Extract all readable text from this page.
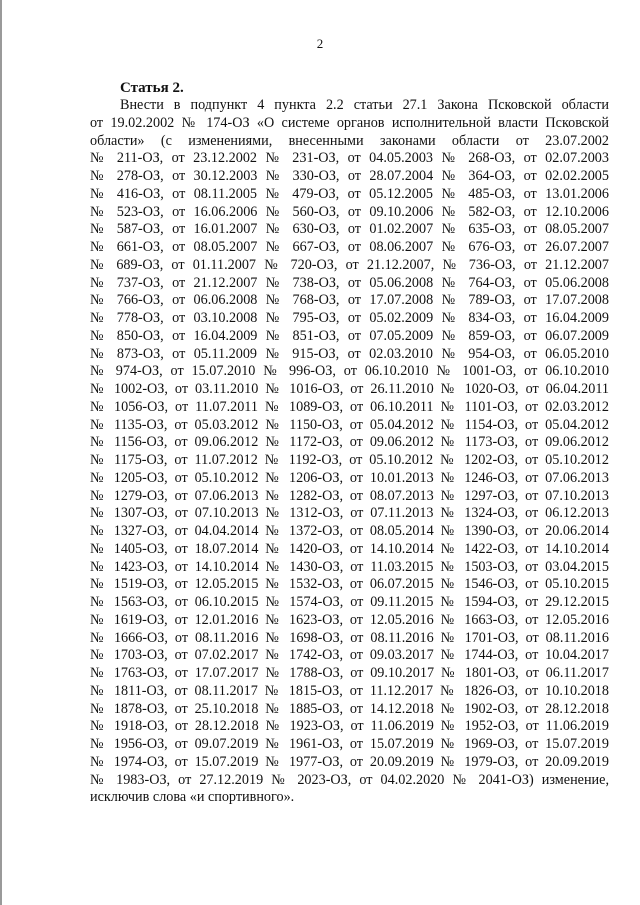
2
Статья 2.
Внести в подпункт 4 пункта 2.2 статьи 27.1 Закона Псковской области
от 19.02.2002 № 174-ОЗ «О системе органов исполнительной власти Псковской
области» (с изменениями, внесенными законами области от 23.07.2002
№ 211-ОЗ, от 23.12.2002 № 231-ОЗ, от 04.05.2003 № 268-ОЗ, от 02.07.2003
№ 278-ОЗ, от 30.12.2003 № 330-ОЗ, от 28.07.2004 № 364-ОЗ, от 02.02.2005
№ 416-ОЗ, от 08.11.2005 № 479-ОЗ, от 05.12.2005 № 485-ОЗ, от 13.01.2006
№ 523-ОЗ, от 16.06.2006 № 560-ОЗ, от 09.10.2006 № 582-ОЗ, от 12.10.2006
№ 587-ОЗ, от 16.01.2007 № 630-ОЗ, от 01.02.2007 № 635-ОЗ, от 08.05.2007
№ 661-ОЗ, от 08.05.2007 № 667-ОЗ, от 08.06.2007 № 676-ОЗ, от 26.07.2007
№ 689-ОЗ, от 01.11.2007 № 720-ОЗ, от 21.12.2007, № 736-ОЗ, от 21.12.2007
№ 737-ОЗ, от 21.12.2007 № 738-ОЗ, от 05.06.2008 № 764-ОЗ, от 05.06.2008
№ 766-ОЗ, от 06.06.2008 № 768-ОЗ, от 17.07.2008 № 789-ОЗ, от 17.07.2008
№ 778-ОЗ, от 03.10.2008 № 795-ОЗ, от 05.02.2009 № 834-ОЗ, от 16.04.2009
№ 850-ОЗ, от 16.04.2009 № 851-ОЗ, от 07.05.2009 № 859-ОЗ, от 06.07.2009
№ 873-ОЗ, от 05.11.2009 № 915-ОЗ, от 02.03.2010 № 954-ОЗ, от 06.05.2010
№ 974-ОЗ, от 15.07.2010 № 996-ОЗ, от 06.10.2010 № 1001-ОЗ, от 06.10.2010
№ 1002-ОЗ, от 03.11.2010 № 1016-ОЗ, от 26.11.2010 № 1020-ОЗ, от 06.04.2011
№ 1056-ОЗ, от 11.07.2011 № 1089-ОЗ, от 06.10.2011 № 1101-ОЗ, от 02.03.2012
№ 1135-ОЗ, от 05.03.2012 № 1150-ОЗ, от 05.04.2012 № 1154-ОЗ, от 05.04.2012
№ 1156-ОЗ, от 09.06.2012 № 1172-ОЗ, от 09.06.2012 № 1173-ОЗ, от 09.06.2012
№ 1175-ОЗ, от 11.07.2012 № 1192-ОЗ, от 05.10.2012 № 1202-ОЗ, от 05.10.2012
№ 1205-ОЗ, от 05.10.2012 № 1206-ОЗ, от 10.01.2013 № 1246-ОЗ, от 07.06.2013
№ 1279-ОЗ, от 07.06.2013 № 1282-ОЗ, от 08.07.2013 № 1297-ОЗ, от 07.10.2013
№ 1307-ОЗ, от 07.10.2013 № 1312-ОЗ, от 07.11.2013 № 1324-ОЗ, от 06.12.2013
№ 1327-ОЗ, от 04.04.2014 № 1372-ОЗ, от 08.05.2014 № 1390-ОЗ, от 20.06.2014
№ 1405-ОЗ, от 18.07.2014 № 1420-ОЗ, от 14.10.2014 № 1422-ОЗ, от 14.10.2014
№ 1423-ОЗ, от 14.10.2014 № 1430-ОЗ, от 11.03.2015 № 1503-ОЗ, от 03.04.2015
№ 1519-ОЗ, от 12.05.2015 № 1532-ОЗ, от 06.07.2015 № 1546-ОЗ, от 05.10.2015
№ 1563-ОЗ, от 06.10.2015 № 1574-ОЗ, от 09.11.2015 № 1594-ОЗ, от 29.12.2015
№ 1619-ОЗ, от 12.01.2016 № 1623-ОЗ, от 12.05.2016 № 1663-ОЗ, от 12.05.2016
№ 1666-ОЗ, от 08.11.2016 № 1698-ОЗ, от 08.11.2016 № 1701-ОЗ, от 08.11.2016
№ 1703-ОЗ, от 07.02.2017 № 1742-ОЗ, от 09.03.2017 № 1744-ОЗ, от 10.04.2017
№ 1763-ОЗ, от 17.07.2017 № 1788-ОЗ, от 09.10.2017 № 1801-ОЗ, от 06.11.2017
№ 1811-ОЗ, от 08.11.2017 № 1815-ОЗ, от 11.12.2017 № 1826-ОЗ, от 10.10.2018
№ 1878-ОЗ, от 25.10.2018 № 1885-ОЗ, от 14.12.2018 № 1902-ОЗ, от 28.12.2018
№ 1918-ОЗ, от 28.12.2018 № 1923-ОЗ, от 11.06.2019 № 1952-ОЗ, от 11.06.2019
№ 1956-ОЗ, от 09.07.2019 № 1961-ОЗ, от 15.07.2019 № 1969-ОЗ, от 15.07.2019
№ 1974-ОЗ, от 15.07.2019 № 1977-ОЗ, от 20.09.2019 № 1979-ОЗ, от 20.09.2019
№ 1983-ОЗ, от 27.12.2019 № 2023-ОЗ, от 04.02.2020 № 2041-ОЗ) изменение,
исключив слова «и спортивного».
